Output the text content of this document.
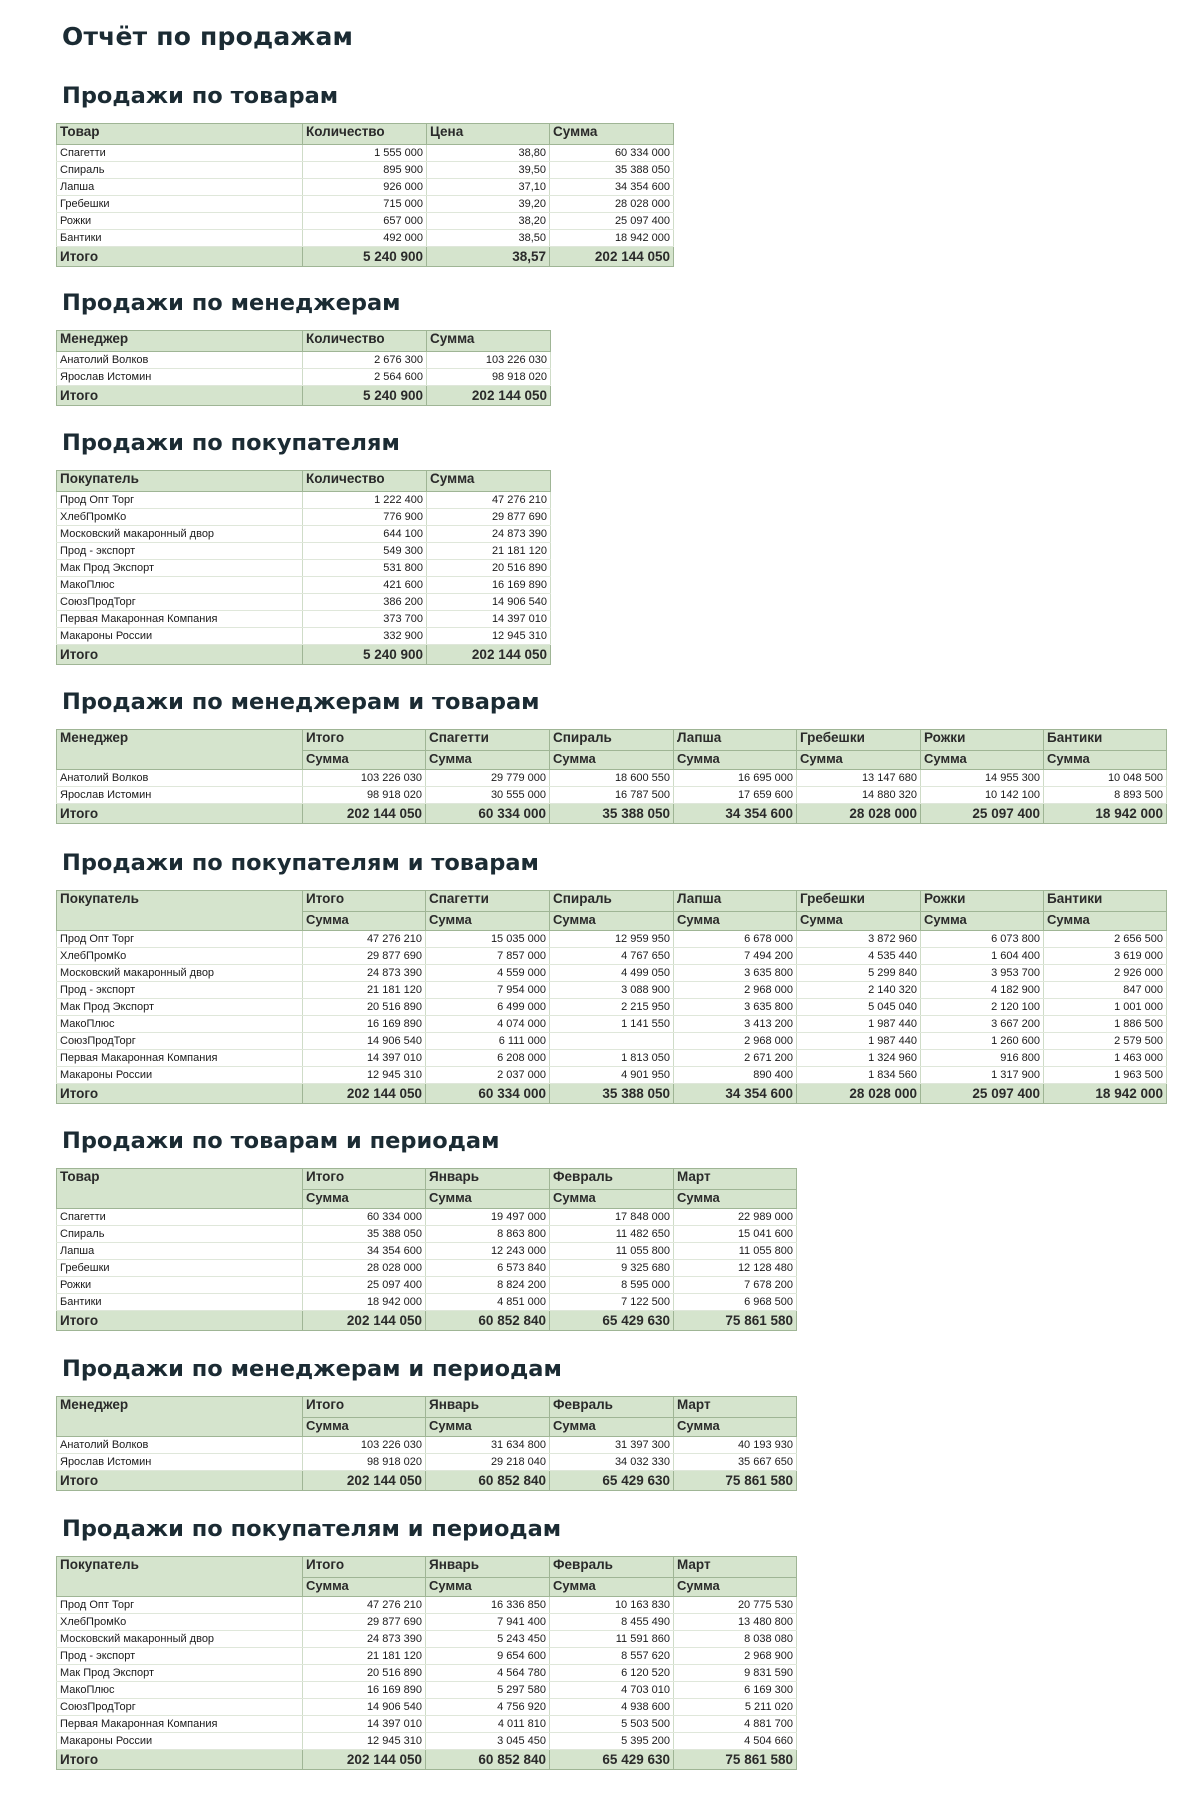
Отчёт по продажам
Продажи по товарам
Товар	Количество	Цена	Сумма
Спагетти	1 555 000	38,80	60 334 000
Спираль	895 900	39,50	35 388 050
Лапша	926 000	37,10	34 354 600
Гребешки	715 000	39,20	28 028 000
Рожки	657 000	38,20	25 097 400
Бантики	492 000	38,50	18 942 000
Итого	5 240 900	38,57	202 144 050
Продажи по менеджерам
Менеджер	Количество	Сумма
Анатолий Волков	2 676 300	103 226 030
Ярослав Истомин	2 564 600	98 918 020
Итого	5 240 900	202 144 050
Продажи по покупателям
Покупатель	Количество	Сумма
Прод Опт Торг	1 222 400	47 276 210
ХлебПромКо	776 900	29 877 690
Московский макаронный двор	644 100	24 873 390
Прод - экспорт	549 300	21 181 120
Мак Прод Экспорт	531 800	20 516 890
МакоПлюс	421 600	16 169 890
СоюзПродТорг	386 200	14 906 540
Первая Макаронная Компания	373 700	14 397 010
Макароны России	332 900	12 945 310
Итого	5 240 900	202 144 050
Продажи по менеджерам и товарам
Менеджер	Итого	Спагетти	Спираль	Лапша	Гребешки	Рожки	Бантики
	Сумма	Сумма	Сумма	Сумма	Сумма	Сумма	Сумма
Анатолий Волков	103 226 030	29 779 000	18 600 550	16 695 000	13 147 680	14 955 300	10 048 500
Ярослав Истомин	98 918 020	30 555 000	16 787 500	17 659 600	14 880 320	10 142 100	8 893 500
Итого	202 144 050	60 334 000	35 388 050	34 354 600	28 028 000	25 097 400	18 942 000
Продажи по покупателям и товарам
Покупатель	Итого	Спагетти	Спираль	Лапша	Гребешки	Рожки	Бантики
	Сумма	Сумма	Сумма	Сумма	Сумма	Сумма	Сумма
Прод Опт Торг	47 276 210	15 035 000	12 959 950	6 678 000	3 872 960	6 073 800	2 656 500
ХлебПромКо	29 877 690	7 857 000	4 767 650	7 494 200	4 535 440	1 604 400	3 619 000
Московский макаронный двор	24 873 390	4 559 000	4 499 050	3 635 800	5 299 840	3 953 700	2 926 000
Прод - экспорт	21 181 120	7 954 000	3 088 900	2 968 000	2 140 320	4 182 900	847 000
Мак Прод Экспорт	20 516 890	6 499 000	2 215 950	3 635 800	5 045 040	2 120 100	1 001 000
МакоПлюс	16 169 890	4 074 000	1 141 550	3 413 200	1 987 440	3 667 200	1 886 500
СоюзПродТорг	14 906 540	6 111 000		2 968 000	1 987 440	1 260 600	2 579 500
Первая Макаронная Компания	14 397 010	6 208 000	1 813 050	2 671 200	1 324 960	916 800	1 463 000
Макароны России	12 945 310	2 037 000	4 901 950	890 400	1 834 560	1 317 900	1 963 500
Итого	202 144 050	60 334 000	35 388 050	34 354 600	28 028 000	25 097 400	18 942 000
Продажи по товарам и периодам
Товар	Итого	Январь	Февраль	Март
	Сумма	Сумма	Сумма	Сумма
Спагетти	60 334 000	19 497 000	17 848 000	22 989 000
Спираль	35 388 050	8 863 800	11 482 650	15 041 600
Лапша	34 354 600	12 243 000	11 055 800	11 055 800
Гребешки	28 028 000	6 573 840	9 325 680	12 128 480
Рожки	25 097 400	8 824 200	8 595 000	7 678 200
Бантики	18 942 000	4 851 000	7 122 500	6 968 500
Итого	202 144 050	60 852 840	65 429 630	75 861 580
Продажи по менеджерам и периодам
Менеджер	Итого	Январь	Февраль	Март
	Сумма	Сумма	Сумма	Сумма
Анатолий Волков	103 226 030	31 634 800	31 397 300	40 193 930
Ярослав Истомин	98 918 020	29 218 040	34 032 330	35 667 650
Итого	202 144 050	60 852 840	65 429 630	75 861 580
Продажи по покупателям и периодам
Покупатель	Итого	Январь	Февраль	Март
	Сумма	Сумма	Сумма	Сумма
Прод Опт Торг	47 276 210	16 336 850	10 163 830	20 775 530
ХлебПромКо	29 877 690	7 941 400	8 455 490	13 480 800
Московский макаронный двор	24 873 390	5 243 450	11 591 860	8 038 080
Прод - экспорт	21 181 120	9 654 600	8 557 620	2 968 900
Мак Прод Экспорт	20 516 890	4 564 780	6 120 520	9 831 590
МакоПлюс	16 169 890	5 297 580	4 703 010	6 169 300
СоюзПродТорг	14 906 540	4 756 920	4 938 600	5 211 020
Первая Макаронная Компания	14 397 010	4 011 810	5 503 500	4 881 700
Макароны России	12 945 310	3 045 450	5 395 200	4 504 660
Итого	202 144 050	60 852 840	65 429 630	75 861 580
